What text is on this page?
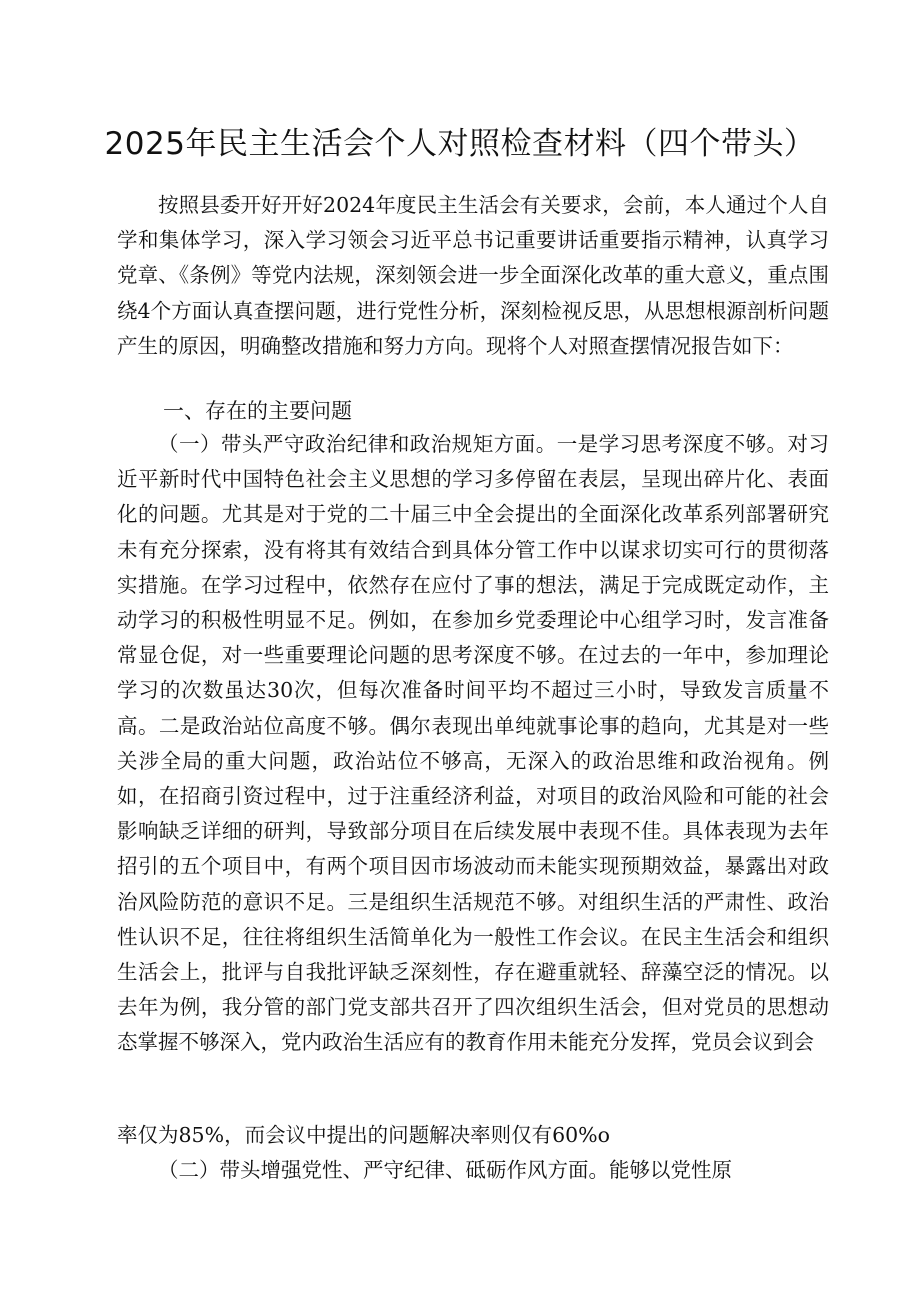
2025年民主生活会个人对照检查材料（四个带头）

按照县委开好开好2024年度民主生活会有关要求，会前，本人通过个人自学和集体学习，深入学习领会习近平总书记重要讲话重要指示精神，认真学习党章、《条例》等党内法规，深刻领会进一步全面深化改革的重大意义，重点围绕4个方面认真查摆问题，进行党性分析，深刻检视反思，从思想根源剖析问题产生的原因，明确整改措施和努力方向。现将个人对照查摆情况报告如下：

一、存在的主要问题

（一）带头严守政治纪律和政治规矩方面。一是学习思考深度不够。对习近平新时代中国特色社会主义思想的学习多停留在表层，呈现出碎片化、表面化的问题。尤其是对于党的二十届三中全会提出的全面深化改革系列部署研究未有充分探索，没有将其有效结合到具体分管工作中以谋求切实可行的贯彻落实措施。在学习过程中，依然存在应付了事的想法，满足于完成既定动作，主动学习的积极性明显不足。例如，在参加乡党委理论中心组学习时，发言准备常显仓促，对一些重要理论问题的思考深度不够。在过去的一年中，参加理论学习的次数虽达30次，但每次准备时间平均不超过三小时，导致发言质量不高。二是政治站位高度不够。偶尔表现出单纯就事论事的趋向，尤其是对一些关涉全局的重大问题，政治站位不够高，无深入的政治思维和政治视角。例如，在招商引资过程中，过于注重经济利益，对项目的政治风险和可能的社会影响缺乏详细的研判，导致部分项目在后续发展中表现不佳。具体表现为去年招引的五个项目中，有两个项目因市场波动而未能实现预期效益，暴露出对政治风险防范的意识不足。三是组织生活规范不够。对组织生活的严肃性、政治性认识不足，往往将组织生活简单化为一般性工作会议。在民主生活会和组织生活会上，批评与自我批评缺乏深刻性，存在避重就轻、辞藻空泛的情况。以去年为例，我分管的部门党支部共召开了四次组织生活会，但对党员的思想动态掌握不够深入，党内政治生活应有的教育作用未能充分发挥，党员会议到会

率仅为85%，而会议中提出的问题解决率则仅有60%o

（二）带头增强党性、严守纪律、砥砺作风方面。能够以党性原
